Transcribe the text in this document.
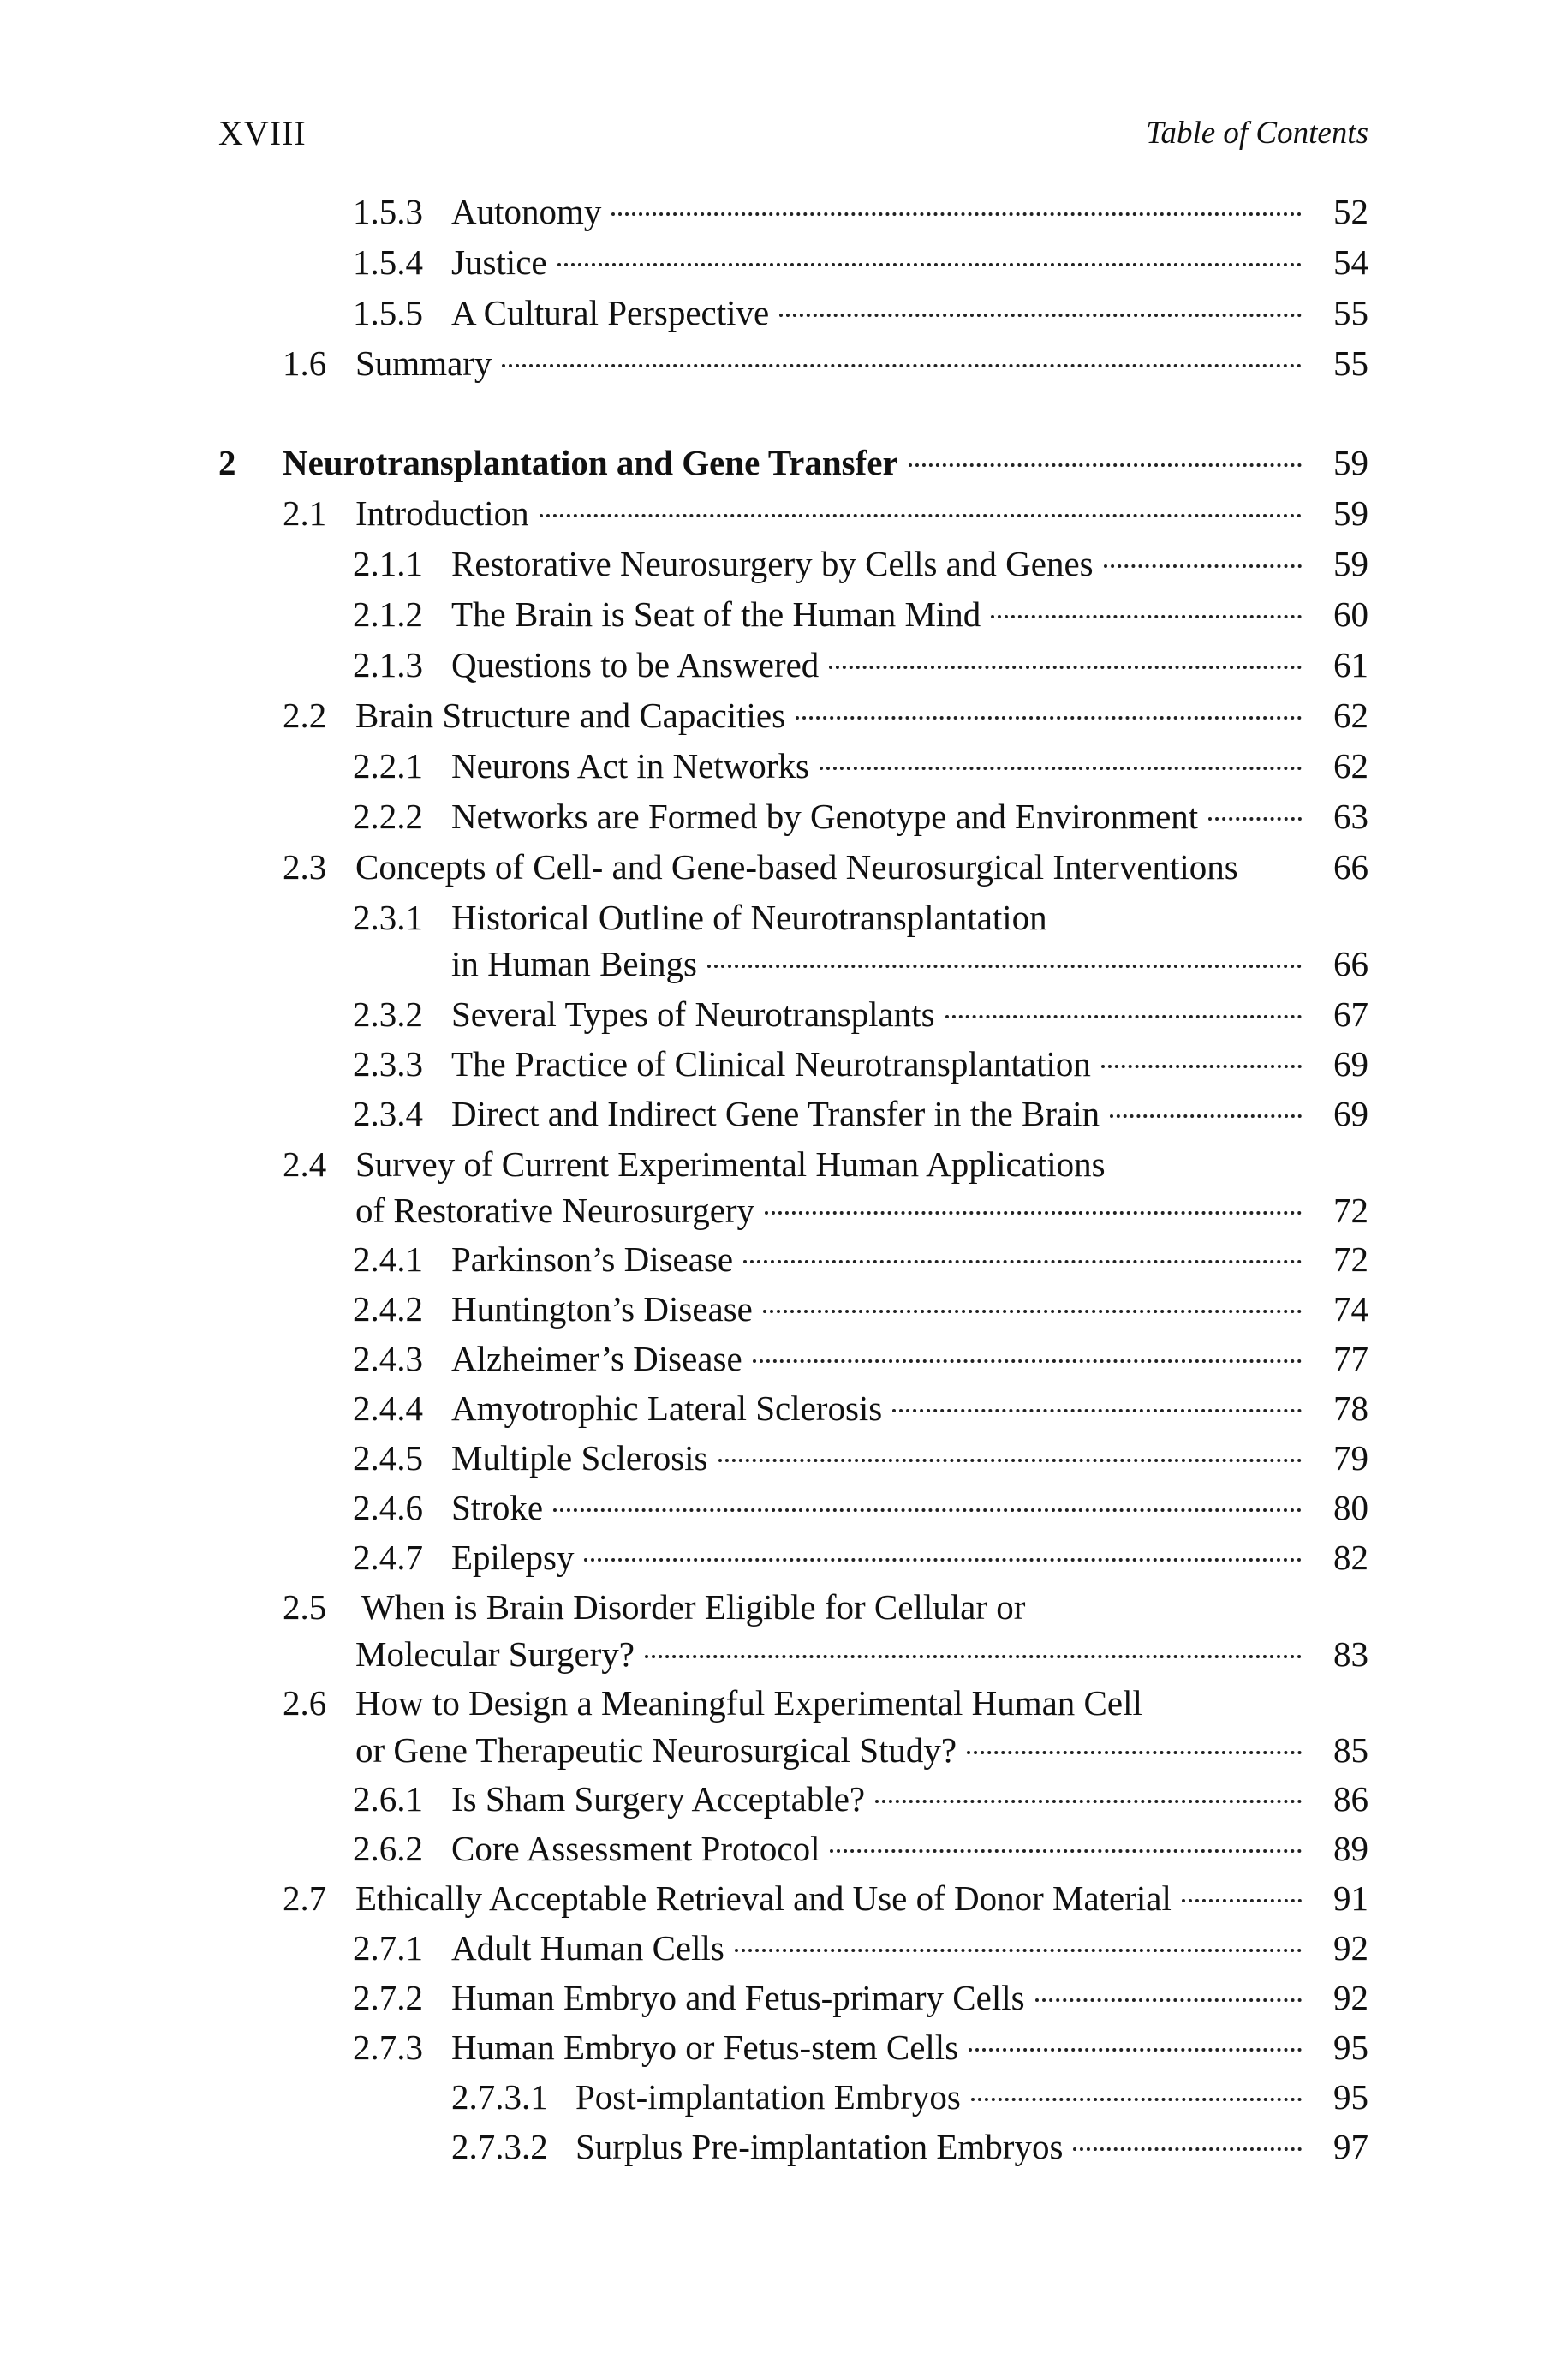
XVIII	Table of Contents
1.5.3 Autonomy	52
1.5.4 Justice	54
1.5.5 A Cultural Perspective	55
1.6 Summary	55
2 Neurotransplantation and Gene Transfer	59
2.1 Introduction	59
2.1.1 Restorative Neurosurgery by Cells and Genes	59
2.1.2 The Brain is Seat of the Human Mind	60
2.1.3 Questions to be Answered	61
2.2 Brain Structure and Capacities	62
2.2.1 Neurons Act in Networks	62
2.2.2 Networks are Formed by Genotype and Environment	63
2.3 Concepts of Cell- and Gene-based Neurosurgical Interventions	66
2.3.1 Historical Outline of Neurotransplantation
in Human Beings	66
2.3.2 Several Types of Neurotransplants	67
2.3.3 The Practice of Clinical Neurotransplantation	69
2.3.4 Direct and Indirect Gene Transfer in the Brain	69
2.4 Survey of Current Experimental Human Applications
of Restorative Neurosurgery	72
2.4.1 Parkinson’s Disease	72
2.4.2 Huntington’s Disease	74
2.4.3 Alzheimer’s Disease	77
2.4.4 Amyotrophic Lateral Sclerosis	78
2.4.5 Multiple Sclerosis	79
2.4.6 Stroke	80
2.4.7 Epilepsy	82
2.5 When is Brain Disorder Eligible for Cellular or
Molecular Surgery?	83
2.6 How to Design a Meaningful Experimental Human Cell
or Gene Therapeutic Neurosurgical Study?	85
2.6.1 Is Sham Surgery Acceptable?	86
2.6.2 Core Assessment Protocol	89
2.7 Ethically Acceptable Retrieval and Use of Donor Material	91
2.7.1 Adult Human Cells	92
2.7.2 Human Embryo and Fetus-primary Cells	92
2.7.3 Human Embryo or Fetus-stem Cells	95
2.7.3.1 Post-implantation Embryos	95
2.7.3.2 Surplus Pre-implantation Embryos	97
